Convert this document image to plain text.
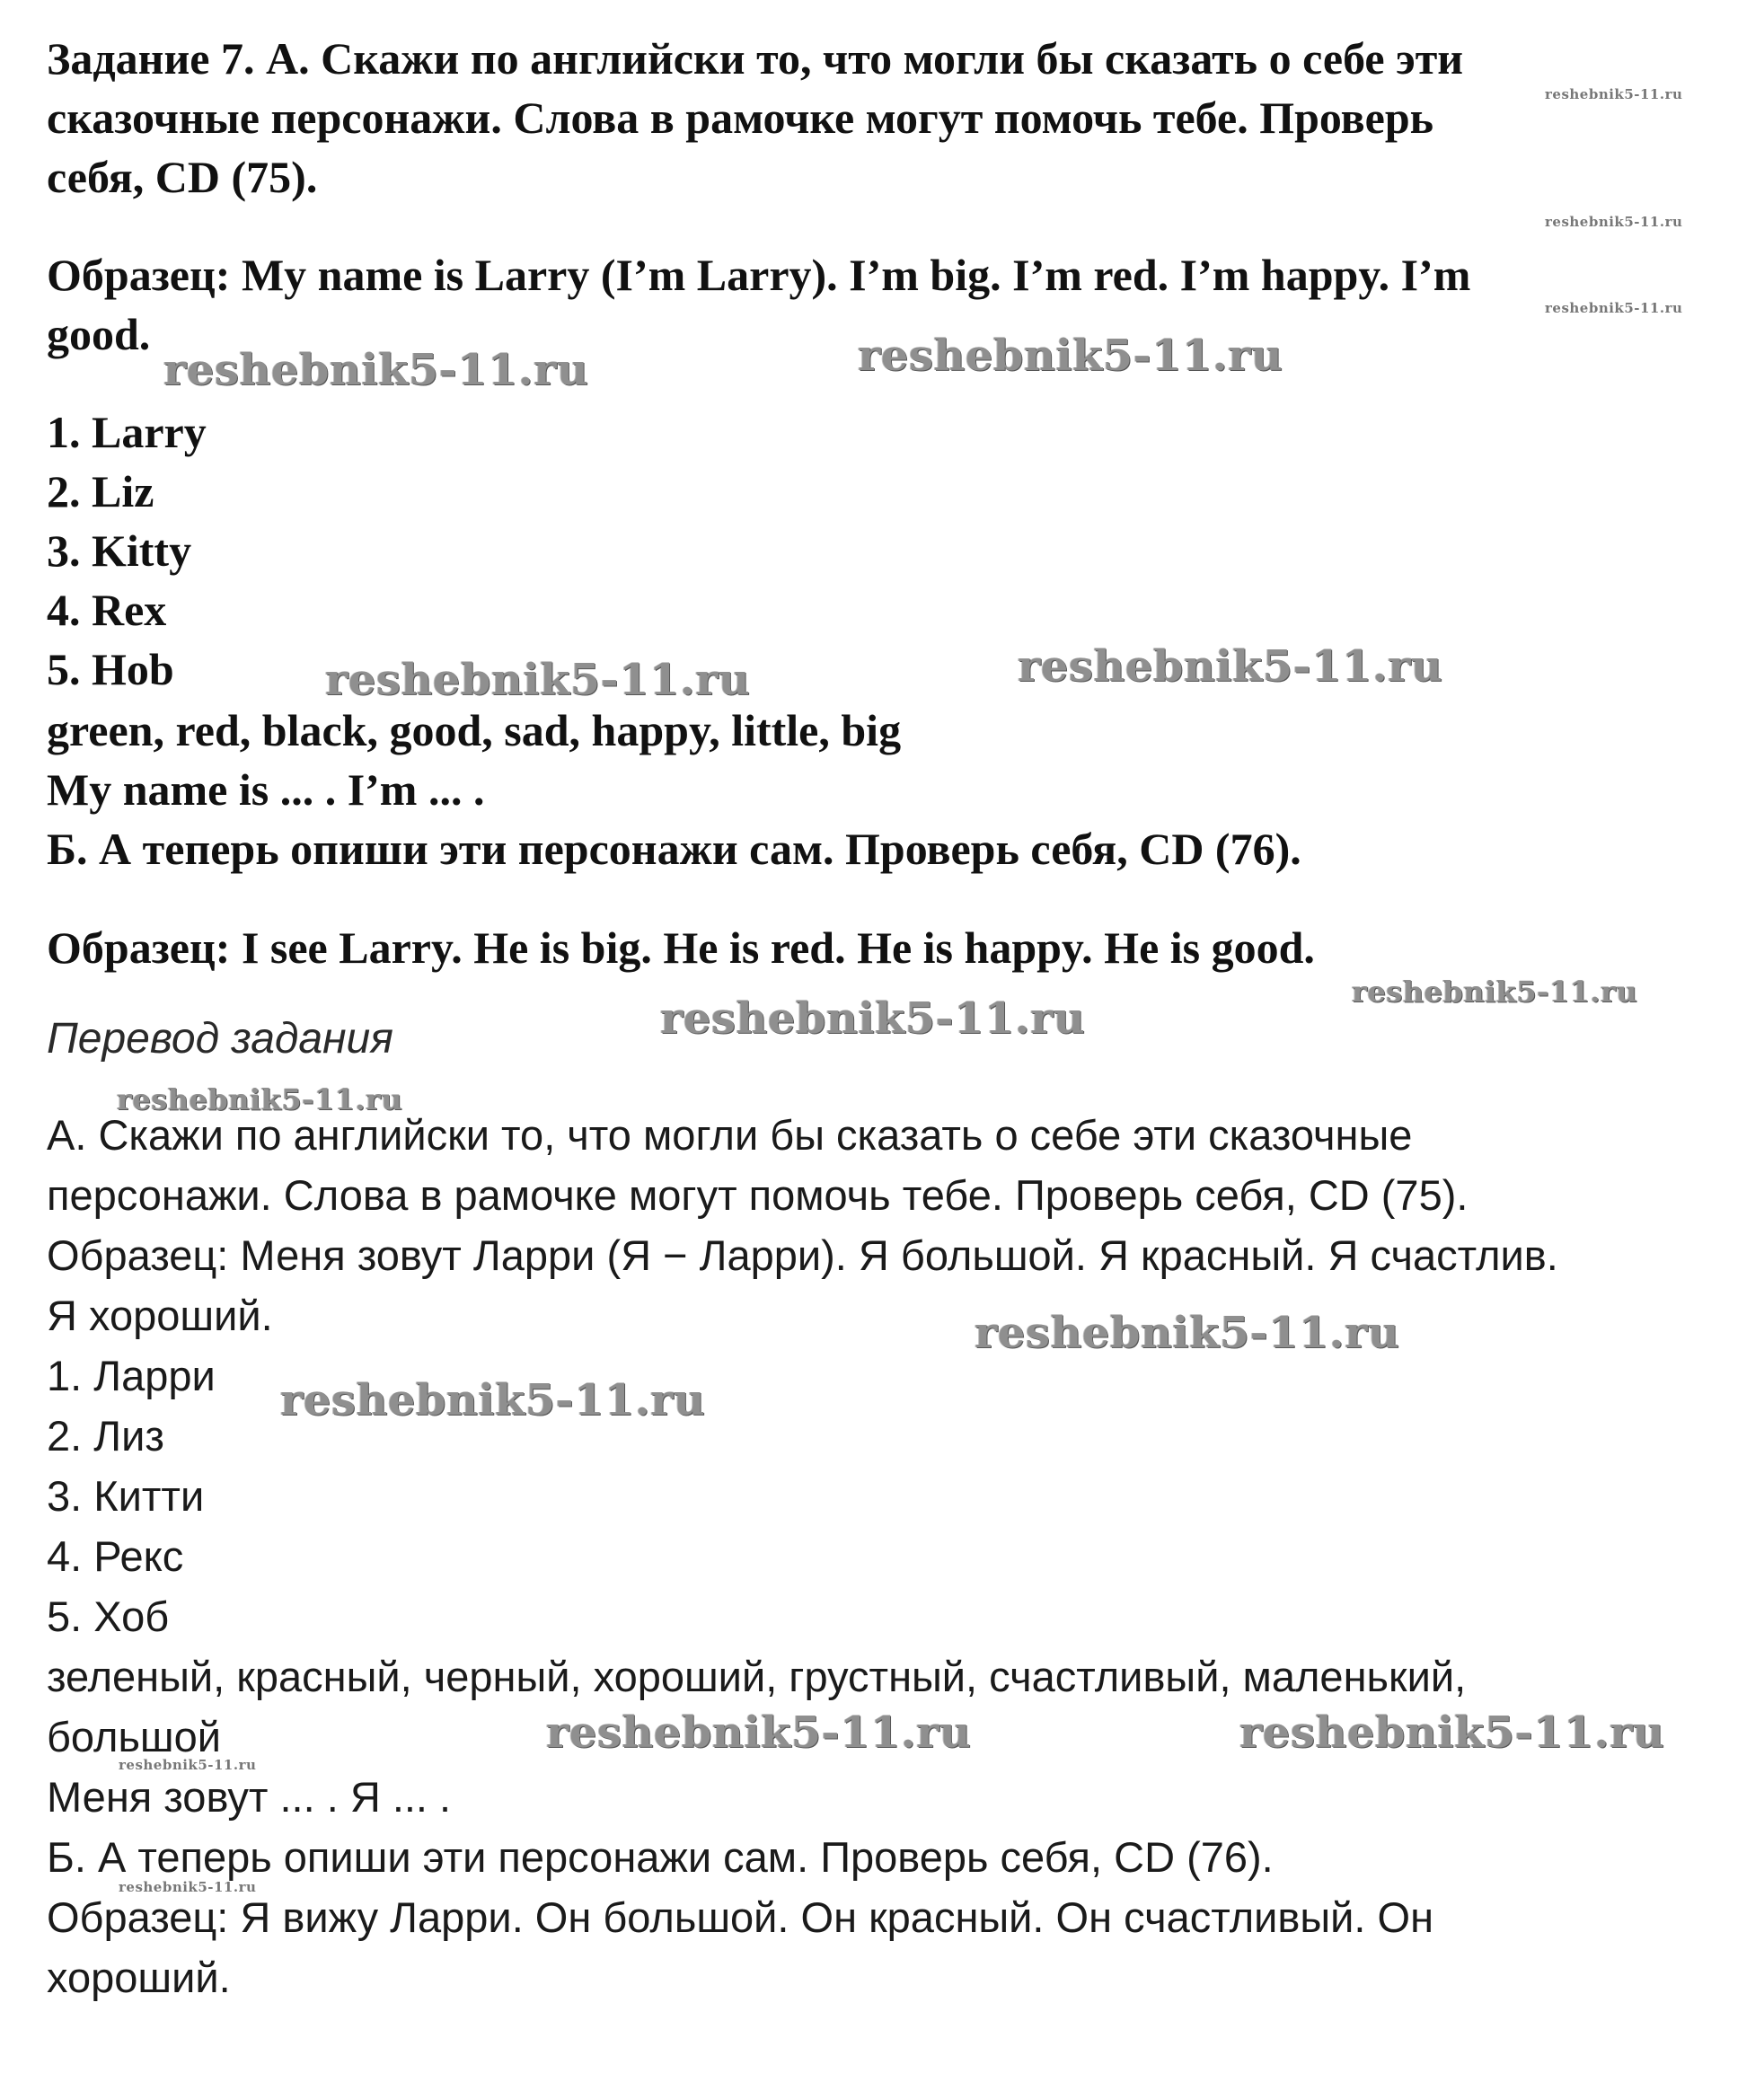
Задание 7. А. Скажи по английски то, что могли бы сказать о себе эти

сказочные персонажи. Слова в рамочке могут помочь тебе. Проверь

себя, CD (75).

Образец: My name is Larry (I’m Larry). I’m big. I’m red. I’m happy. I’m

good.

1. Larry

2. Liz

3. Kitty

4. Rex

5. Hob

green, red, black, good, sad, happy, little, big

My name is ... . I’m ... .

Б. А теперь опиши эти персонажи сам. Проверь себя, CD (76).

Образец: I see Larry. He is big. He is red. He is happy. He is good.

Перевод задания

А. Скажи по английски то, что могли бы сказать о себе эти сказочные

персонажи. Слова в рамочке могут помочь тебе. Проверь себя, CD (75).

Образец: Меня зовут Ларри (Я − Ларри). Я большой. Я красный. Я счастлив.

Я хороший.

1. Ларри

2. Лиз

3. Китти

4. Рекс

5. Хоб

зеленый, красный, черный, хороший, грустный, счастливый, маленький,

большой

Меня зовут ... . Я ... .

Б. А теперь опиши эти персонажи сам. Проверь себя, CD (76).

Образец: Я вижу Ларри. Он большой. Он красный. Он счастливый. Он

хороший.

reshebnik5-11.ru
reshebnik5-11.ru
reshebnik5-11.ru
reshebnik5-11.ru	reshebnik5-11.ru
reshebnik5-11.ru	reshebnik5-11.ru
reshebnik5-11.ru
reshebnik5-11.ru
reshebnik5-11.ru
reshebnik5-11.ru
reshebnik5-11.ru
reshebnik5-11.ru	reshebnik5-11.ru
reshebnik5-11.ru
reshebnik5-11.ru
